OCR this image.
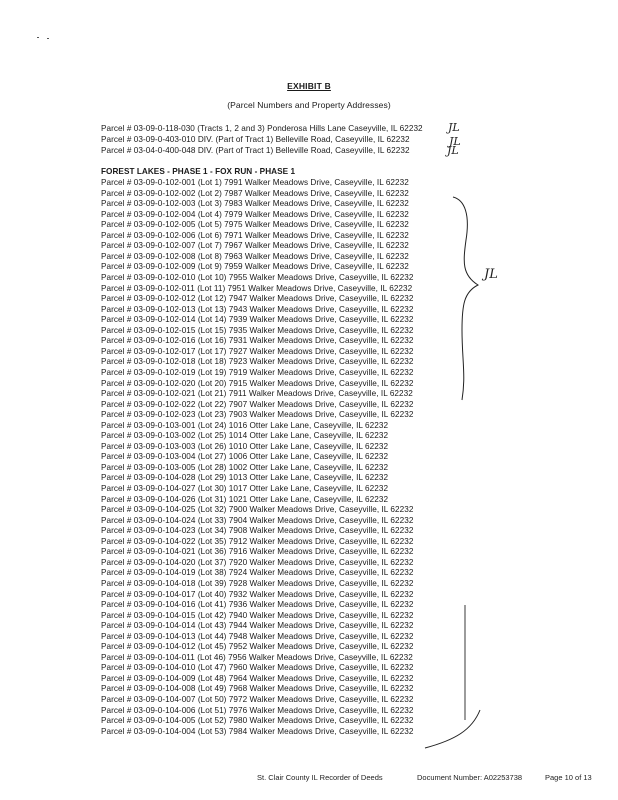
EXHIBIT B
(Parcel Numbers and Property Addresses)
Parcel # 03-09-0-118-030 (Tracts 1, 2 and 3) Ponderosa Hills Lane Caseyville, IL 62232
Parcel # 03-09-0-403-010 DIV. (Part of Tract 1) Belleville Road, Caseyville, IL 62232
Parcel # 03-04-0-400-048 DIV. (Part of Tract 1) Belleville Road, Caseyville, IL 62232
FOREST LAKES - PHASE 1 - FOX RUN - PHASE 1
Parcel # 03-09-0-102-001 (Lot 1) 7991 Walker Meadows Drive, Caseyville, IL 62232
Parcel # 03-09-0-102-002 (Lot 2) 7987 Walker Meadows Drive, Caseyville, IL 62232
Parcel # 03-09-0-102-003 (Lot 3) 7983 Walker Meadows Drive, Caseyville, IL 62232
Parcel # 03-09-0-102-004 (Lot 4) 7979 Walker Meadows Drive, Caseyville, IL 62232
Parcel # 03-09-0-102-005 (Lot 5) 7975 Walker Meadows Drive, Caseyville, IL 62232
Parcel # 03-09-0-102-006 (Lot 6) 7971 Walker Meadows Drive, Caseyville, IL 62232
Parcel # 03-09-0-102-007 (Lot 7) 7967 Walker Meadows Drive, Caseyville, IL 62232
Parcel # 03-09-0-102-008 (Lot 8) 7963 Walker Meadows Drive, Caseyville, IL 62232
Parcel # 03-09-0-102-009 (Lot 9) 7959 Walker Meadows Drive, Caseyville, IL 62232
Parcel # 03-09-0-102-010 (Lot 10) 7955 Walker Meadows Drive, Caseyville, IL 62232
Parcel # 03-09-0-102-011 (Lot 11) 7951 Walker Meadows Drive, Caseyville, IL 62232
Parcel # 03-09-0-102-012 (Lot 12) 7947 Walker Meadows Drive, Caseyville, IL 62232
Parcel # 03-09-0-102-013 (Lot 13) 7943 Walker Meadows Drive, Caseyville, IL 62232
Parcel # 03-09-0-102-014 (Lot 14) 7939 Walker Meadows Drive, Caseyville, IL 62232
Parcel # 03-09-0-102-015 (Lot 15) 7935 Walker Meadows Drive, Caseyville, IL 62232
Parcel # 03-09-0-102-016 (Lot 16) 7931 Walker Meadows Drive, Caseyville, IL 62232
Parcel # 03-09-0-102-017 (Lot 17) 7927 Walker Meadows Drive, Caseyville, IL 62232
Parcel # 03-09-0-102-018 (Lot 18) 7923 Walker Meadows Drive, Caseyville, IL 62232
Parcel # 03-09-0-102-019 (Lot 19) 7919 Walker Meadows Drive, Caseyville, IL 62232
Parcel # 03-09-0-102-020 (Lot 20) 7915 Walker Meadows Drive, Caseyville, IL 62232
Parcel # 03-09-0-102-021 (Lot 21) 7911 Walker Meadows Drive, Caseyville, IL 62232
Parcel # 03-09-0-102-022 (Lot 22) 7907 Walker Meadows Drive, Caseyville, IL 62232
Parcel # 03-09-0-102-023 (Lot 23) 7903 Walker Meadows Drive, Caseyville, IL 62232
Parcel # 03-09-0-103-001 (Lot 24) 1016 Otter Lake Lane, Caseyville, IL 62232
Parcel # 03-09-0-103-002 (Lot 25) 1014 Otter Lake Lane, Caseyville, IL 62232
Parcel # 03-09-0-103-003 (Lot 26) 1010 Otter Lake Lane, Caseyville, IL 62232
Parcel # 03-09-0-103-004 (Lot 27) 1006 Otter Lake Lane, Caseyville, IL 62232
Parcel # 03-09-0-103-005 (Lot 28) 1002 Otter Lake Lane, Caseyville, IL 62232
Parcel # 03-09-0-104-028 (Lot 29) 1013 Otter Lake Lane, Caseyville, IL 62232
Parcel # 03-09-0-104-027 (Lot 30) 1017 Otter Lake Lane, Caseyville, IL 62232
Parcel # 03-09-0-104-026 (Lot 31) 1021 Otter Lake Lane, Caseyville, IL 62232
Parcel # 03-09-0-104-025 (Lot 32) 7900 Walker Meadows Drive, Caseyville, IL 62232
Parcel # 03-09-0-104-024 (Lot 33) 7904 Walker Meadows Drive, Caseyville, IL 62232
Parcel # 03-09-0-104-023 (Lot 34) 7908 Walker Meadows Drive, Caseyville, IL 62232
Parcel # 03-09-0-104-022 (Lot 35) 7912 Walker Meadows Drive, Caseyville, IL 62232
Parcel # 03-09-0-104-021 (Lot 36) 7916 Walker Meadows Drive, Caseyville, IL 62232
Parcel # 03-09-0-104-020 (Lot 37) 7920 Walker Meadows Drive, Caseyville, IL 62232
Parcel # 03-09-0-104-019 (Lot 38) 7924 Walker Meadows Drive, Caseyville, IL 62232
Parcel # 03-09-0-104-018 (Lot 39) 7928 Walker Meadows Drive, Caseyville, IL 62232
Parcel # 03-09-0-104-017 (Lot 40) 7932 Walker Meadows Drive, Caseyville, IL 62232
Parcel # 03-09-0-104-016 (Lot 41) 7936 Walker Meadows Drive, Caseyville, IL 62232
Parcel # 03-09-0-104-015 (Lot 42) 7940 Walker Meadows Drive, Caseyville, IL 62232
Parcel # 03-09-0-104-014 (Lot 43) 7944 Walker Meadows Drive, Caseyville, IL 62232
Parcel # 03-09-0-104-013 (Lot 44) 7948 Walker Meadows Drive, Caseyville, IL 62232
Parcel # 03-09-0-104-012 (Lot 45) 7952 Walker Meadows Drive, Caseyville, IL 62232
Parcel # 03-09-0-104-011 (Lot 46) 7956 Walker Meadows Drive, Caseyville, IL 62232
Parcel # 03-09-0-104-010 (Lot 47) 7960 Walker Meadows Drive, Caseyville, IL 62232
Parcel # 03-09-0-104-009 (Lot 48) 7964 Walker Meadows Drive, Caseyville, IL 62232
Parcel # 03-09-0-104-008 (Lot 49) 7968 Walker Meadows Drive, Caseyville, IL 62232
Parcel # 03-09-0-104-007 (Lot 50) 7972 Walker Meadows Drive, Caseyville, IL 62232
Parcel # 03-09-0-104-006 (Lot 51) 7976 Walker Meadows Drive, Caseyville, IL 62232
Parcel # 03-09-0-104-005 (Lot 52) 7980 Walker Meadows Drive, Caseyville, IL 62232
Parcel # 03-09-0-104-004 (Lot 53) 7984 Walker Meadows Drive, Caseyville, IL 62232
JL
JL
JL
JL
St. Clair County IL Recorder of Deeds	Document Number: A02253738	Page 10 of 13
